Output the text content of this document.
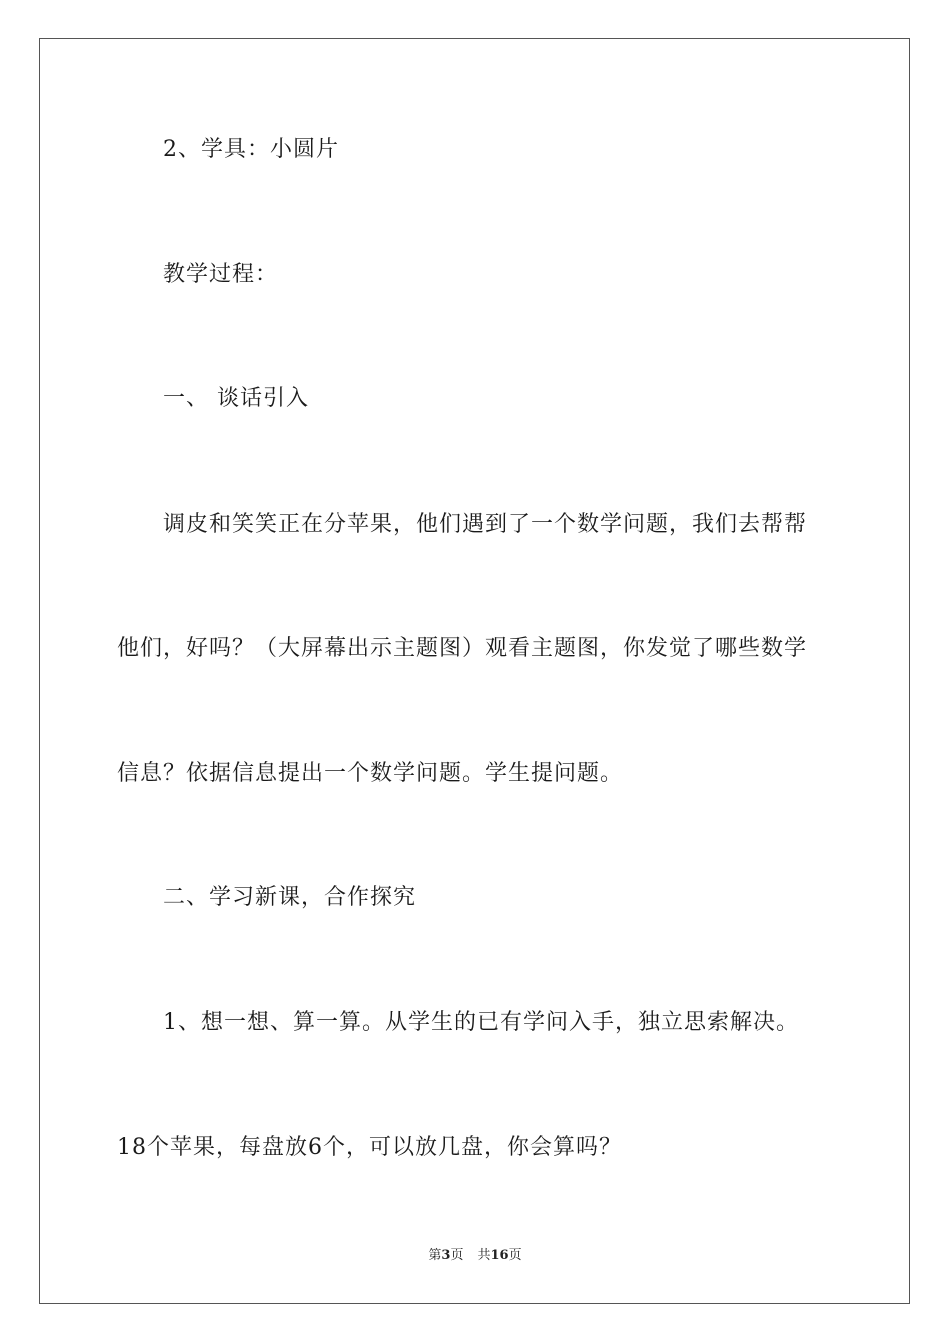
2、学具：小圆片
教学过程：
一、 谈话引入
调皮和笑笑正在分苹果，他们遇到了一个数学问题，我们去帮帮
他们，好吗？（大屏幕出示主题图）观看主题图，你发觉了哪些数学
信息？依据信息提出一个数学问题。学生提问题。
二、学习新课，合作探究
1、想一想、算一算。从学生的已有学问入手，独立思索解决。
18个苹果，每盘放6个，可以放几盘，你会算吗？
第3页 共16页
